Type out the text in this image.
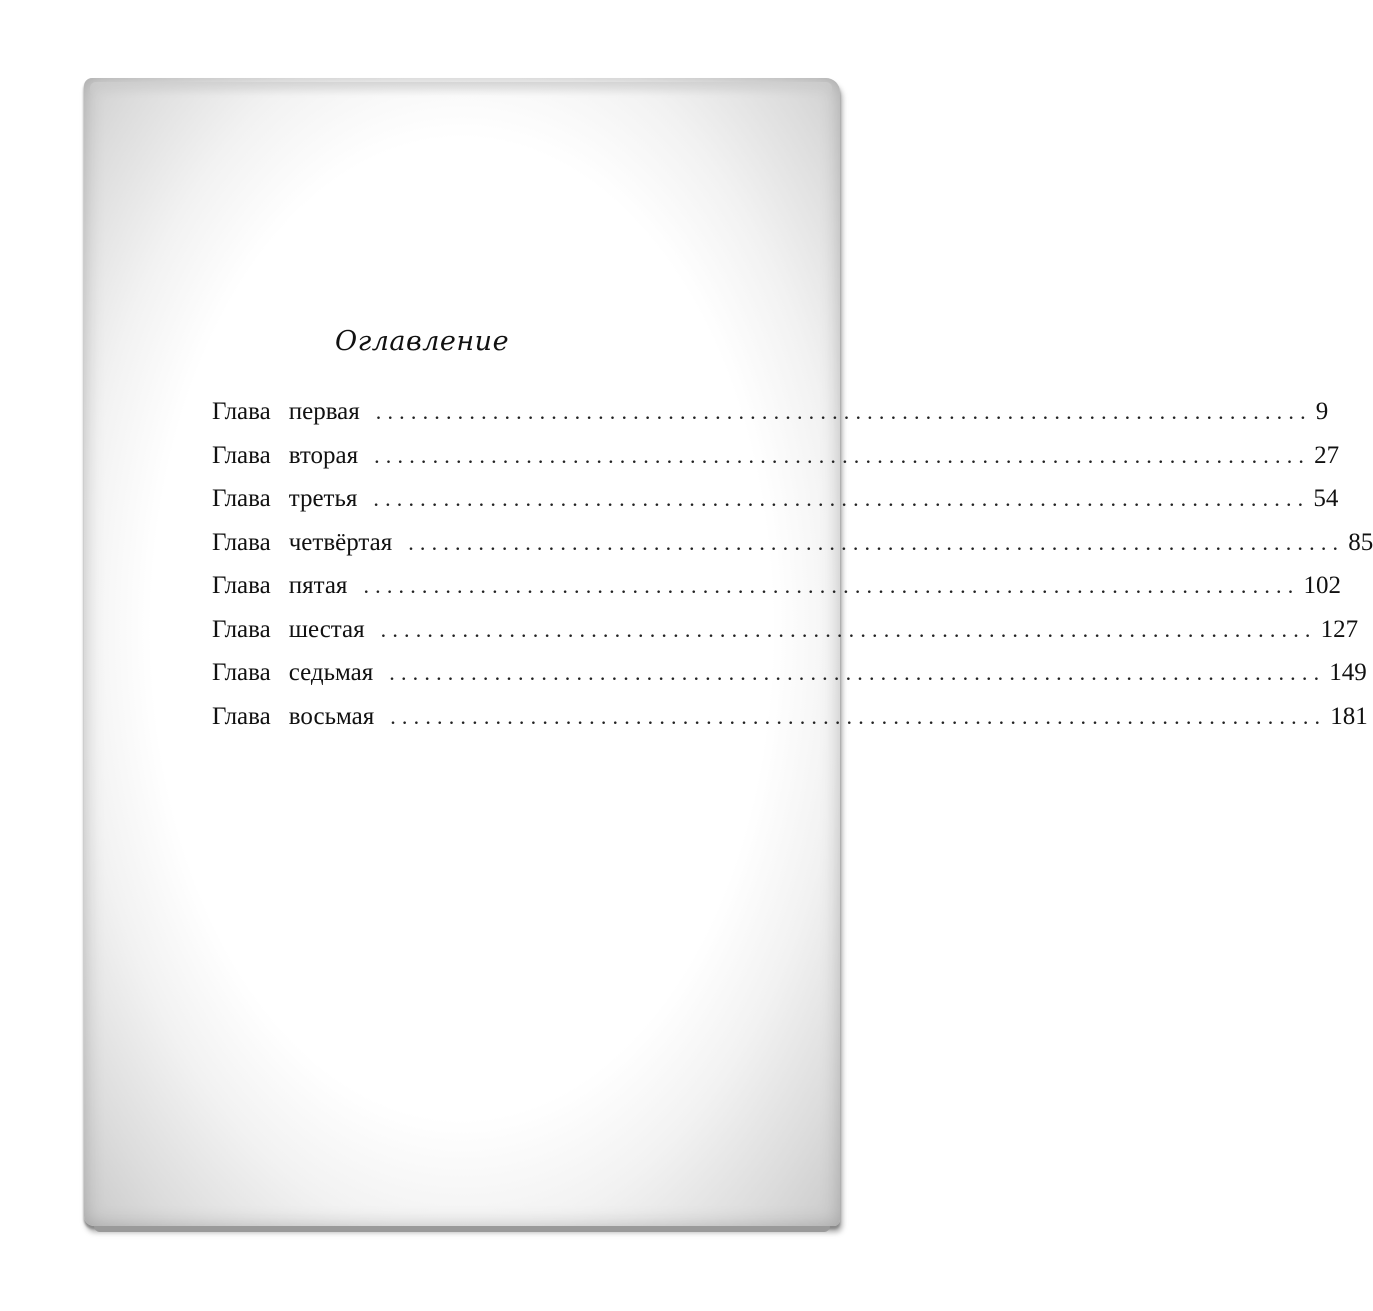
Оглавление
Глава первая ................................................................................ 9
Глава вторая ................................................................................ 27
Глава третья ................................................................................ 54
Глава четвёртая ................................................................................ 85
Глава пятая ................................................................................ 102
Глава шестая ................................................................................ 127
Глава седьмая ................................................................................ 149
Глава восьмая ................................................................................ 181
